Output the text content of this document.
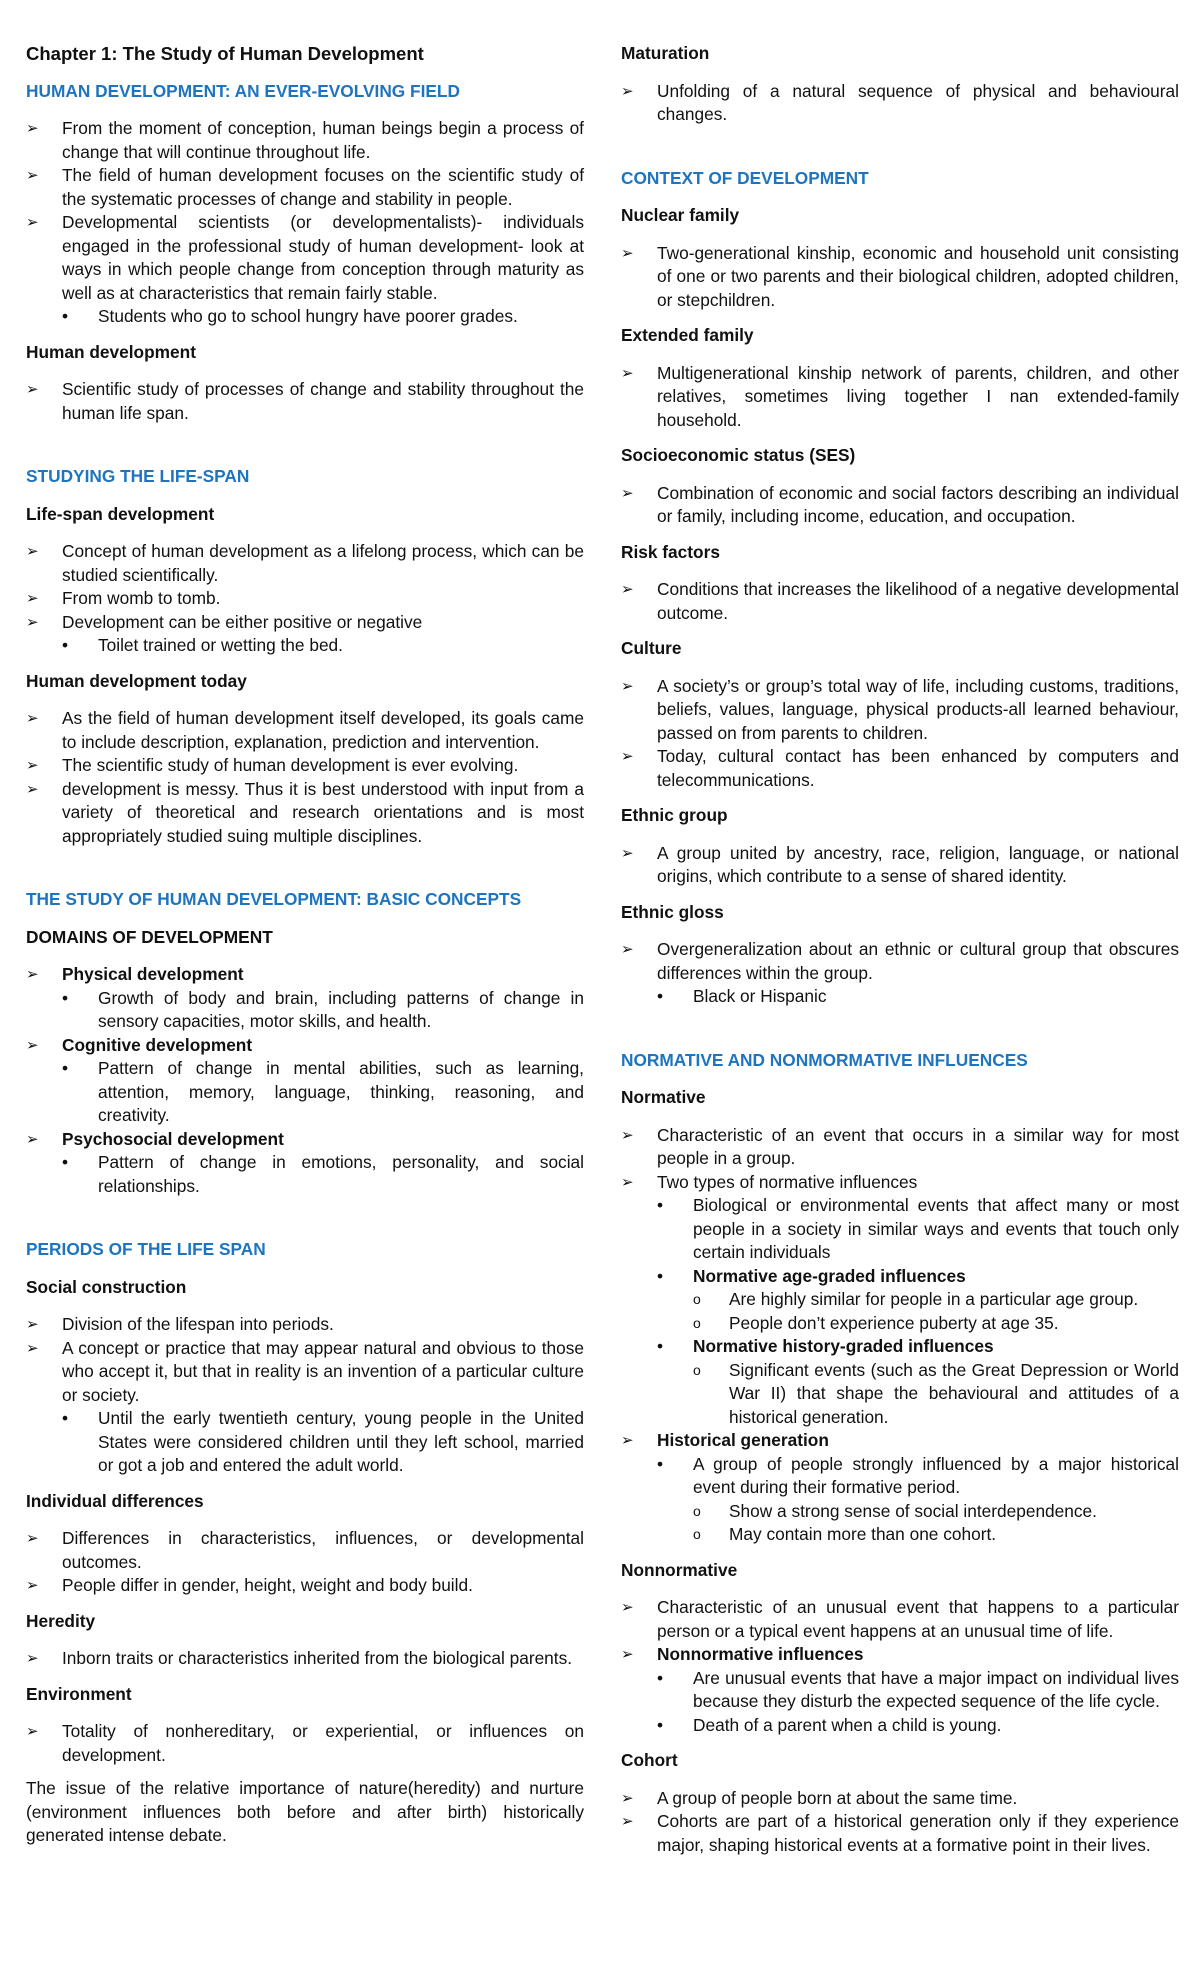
Chapter 1: The Study of Human Development
HUMAN DEVELOPMENT: AN EVER-EVOLVING FIELD
➢ From the moment of conception, human beings begin a process of change that will continue throughout life.
➢ The field of human development focuses on the scientific study of the systematic processes of change and stability in people.
➢ Developmental scientists (or developmentalists)- individuals engaged in the professional study of human development- look at ways in which people change from conception through maturity as well as at characteristics that remain fairly stable.
• Students who go to school hungry have poorer grades.
Human development
➢ Scientific study of processes of change and stability throughout the human life span.
STUDYING THE LIFE-SPAN
Life-span development
➢ Concept of human development as a lifelong process, which can be studied scientifically.
➢ From womb to tomb.
➢ Development can be either positive or negative
• Toilet trained or wetting the bed.
Human development today
➢ As the field of human development itself developed, its goals came to include description, explanation, prediction and intervention.
➢ The scientific study of human development is ever evolving.
➢ development is messy. Thus it is best understood with input from a variety of theoretical and research orientations and is most appropriately studied suing multiple disciplines.
THE STUDY OF HUMAN DEVELOPMENT: BASIC CONCEPTS
DOMAINS OF DEVELOPMENT
➢ Physical development
• Growth of body and brain, including patterns of change in sensory capacities, motor skills, and health.
➢ Cognitive development
• Pattern of change in mental abilities, such as learning, attention, memory, language, thinking, reasoning, and creativity.
➢ Psychosocial development
• Pattern of change in emotions, personality, and social relationships.
PERIODS OF THE LIFE SPAN
Social construction
➢ Division of the lifespan into periods.
➢ A concept or practice that may appear natural and obvious to those who accept it, but that in reality is an invention of a particular culture or society.
• Until the early twentieth century, young people in the United States were considered children until they left school, married or got a job and entered the adult world.
Individual differences
➢ Differences in characteristics, influences, or developmental outcomes.
➢ People differ in gender, height, weight and body build.
Heredity
➢ Inborn traits or characteristics inherited from the biological parents.
Environment
➢ Totality of nonhereditary, or experiential, or influences on development.

The issue of the relative importance of nature(heredity) and nurture (environment influences both before and after birth) historically generated intense debate.

Maturation
➢ Unfolding of a natural sequence of physical and behavioural changes.
CONTEXT OF DEVELOPMENT
Nuclear family
➢ Two-generational kinship, economic and household unit consisting of one or two parents and their biological children, adopted children, or stepchildren.
Extended family
➢ Multigenerational kinship network of parents, children, and other relatives, sometimes living together I nan extended-family household.
Socioeconomic status (SES)
➢ Combination of economic and social factors describing an individual or family, including income, education, and occupation.
Risk factors
➢ Conditions that increases the likelihood of a negative developmental outcome.
Culture
➢ A society’s or group’s total way of life, including customs, traditions, beliefs, values, language, physical products-all learned behaviour, passed on from parents to children.
➢ Today, cultural contact has been enhanced by computers and telecommunications.
Ethnic group
➢ A group united by ancestry, race, religion, language, or national origins, which contribute to a sense of shared identity.
Ethnic gloss
➢ Overgeneralization about an ethnic or cultural group that obscures differences within the group.
• Black or Hispanic
NORMATIVE AND NONMORMATIVE INFLUENCES
Normative
➢ Characteristic of an event that occurs in a similar way for most people in a group.
➢ Two types of normative influences
• Biological or environmental events that affect many or most people in a society in similar ways and events that touch only certain individuals
• Normative age-graded influences
o Are highly similar for people in a particular age group.
o People don’t experience puberty at age 35.
• Normative history-graded influences
o Significant events (such as the Great Depression or World War II) that shape the behavioural and attitudes of a historical generation.
➢ Historical generation
• A group of people strongly influenced by a major historical event during their formative period.
o Show a strong sense of social interdependence.
o May contain more than one cohort.
Nonnormative
➢ Characteristic of an unusual event that happens to a particular person or a typical event happens at an unusual time of life.
➢ Nonnormative influences
• Are unusual events that have a major impact on individual lives because they disturb the expected sequence of the life cycle.
• Death of a parent when a child is young.
Cohort
➢ A group of people born at about the same time.
➢ Cohorts are part of a historical generation only if they experience major, shaping historical events at a formative point in their lives.
